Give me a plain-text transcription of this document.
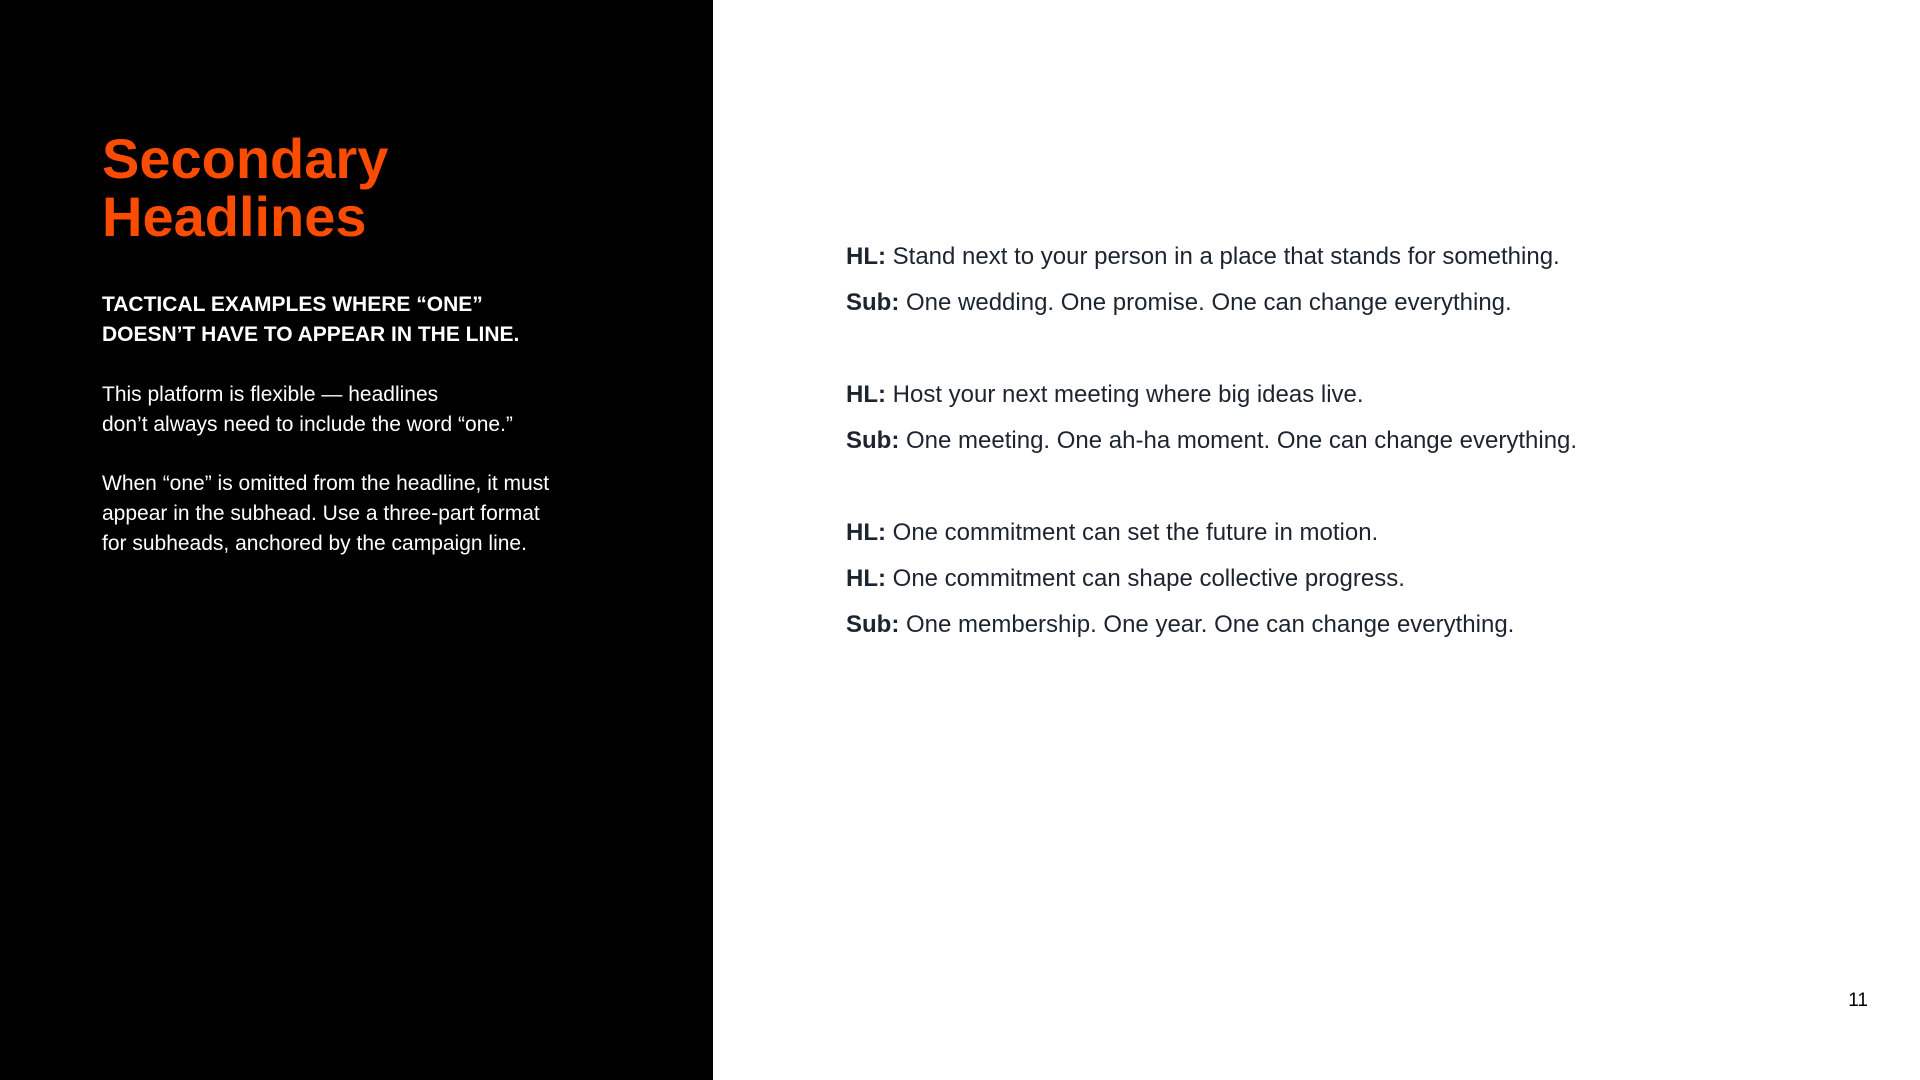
Secondary
Headlines

TACTICAL EXAMPLES WHERE “ONE”
DOESN’T HAVE TO APPEAR IN THE LINE.

This platform is flexible — headlines
don’t always need to include the word “one.”

When “one” is omitted from the headline, it must
appear in the subhead. Use a three-part format
for subheads, anchored by the campaign line.

HL: Stand next to your person in a place that stands for something.
Sub: One wedding. One promise. One can change everything.
HL: Host your next meeting where big ideas live.
Sub: One meeting. One ah-ha moment. One can change everything.
HL: One commitment can set the future in motion.
HL: One commitment can shape collective progress.
Sub: One membership. One year. One can change everything.
11
